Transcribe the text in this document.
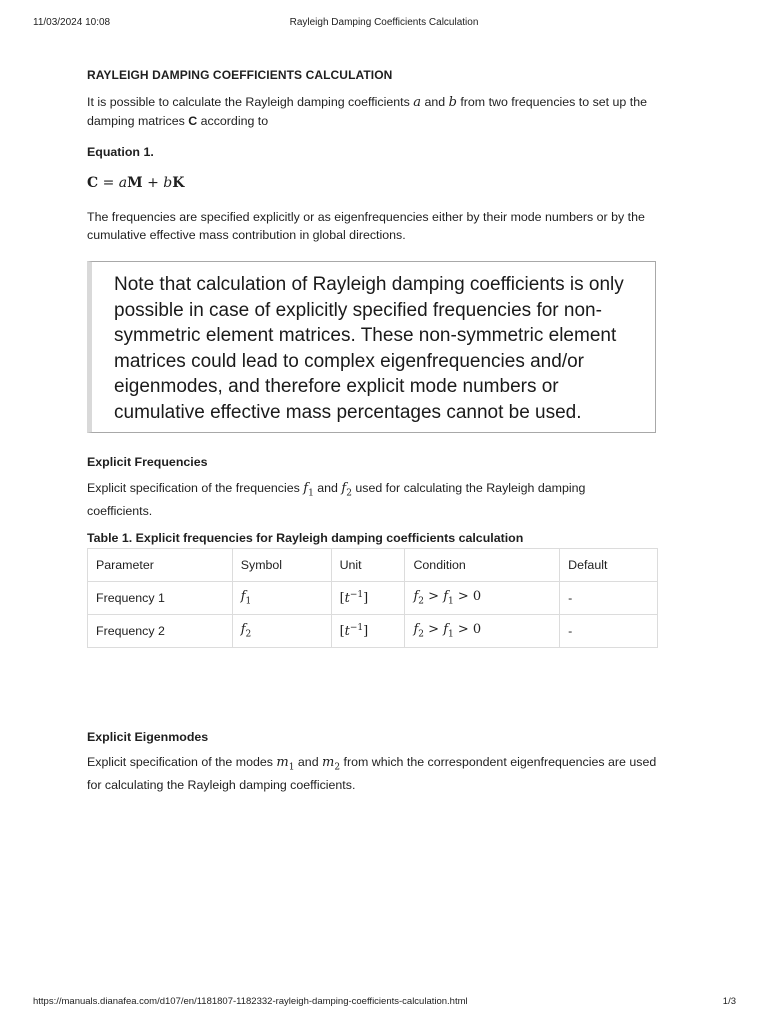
11/03/2024 10:08	Rayleigh Damping Coefficients Calculation
RAYLEIGH DAMPING COEFFICIENTS CALCULATION
It is possible to calculate the Rayleigh damping coefficients a and b from two frequencies to set up the damping matrices C according to
Equation 1.
C = aM + bK
The frequencies are specified explicitly or as eigenfrequencies either by their mode numbers or by the cumulative effective mass contribution in global directions.
Note that calculation of Rayleigh damping coefficients is only possible in case of explicitly specified frequencies for non-symmetric element matrices. These non-symmetric element matrices could lead to complex eigenfrequencies and/or eigenmodes, and therefore explicit mode numbers or cumulative effective mass percentages cannot be used.
Explicit Frequencies
Explicit specification of the frequencies $f_1$ and $f_2$ used for calculating the Rayleigh damping coefficients.
Table 1. Explicit frequencies for Rayleigh damping coefficients calculation
Parameter	Symbol	Unit	Condition	Default
Frequency 1	$f_1$	$[t^{-1}]$	$f_2 > f_1 > 0$	-
Frequency 2	$f_2$	$[t^{-1}]$	$f_2 > f_1 > 0$	-
Explicit Eigenmodes
Explicit specification of the modes $m_1$ and $m_2$ from which the correspondent eigenfrequencies are used for calculating the Rayleigh damping coefficients.
https://manuals.dianafea.com/d107/en/1181807-1182332-rayleigh-damping-coefficients-calculation.html	1/3
